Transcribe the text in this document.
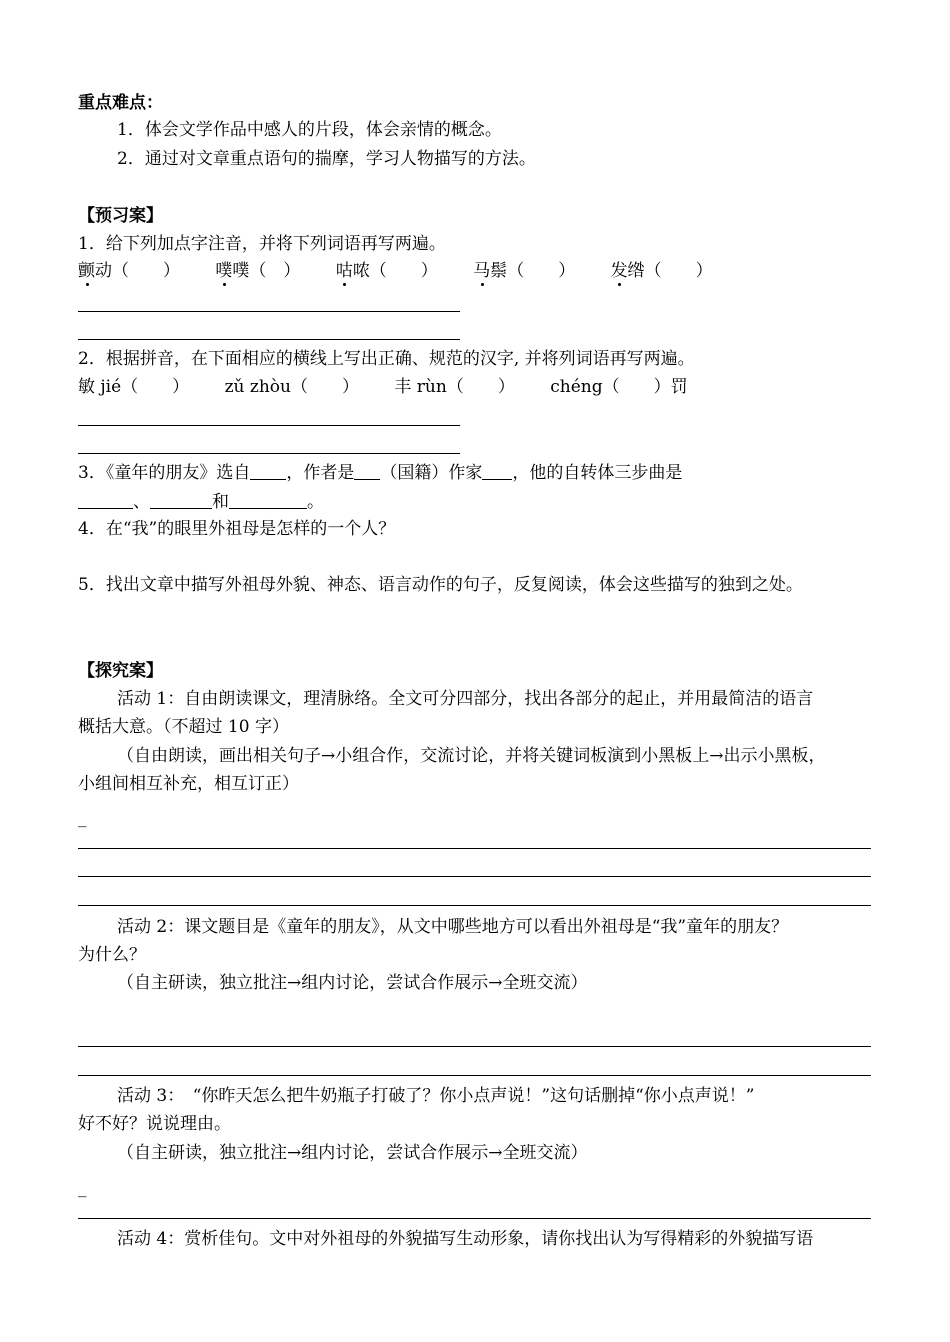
重点难点：
1．体会文学作品中感人的片段，体会亲情的概念。
2．通过对文章重点语句的揣摩，学习人物描写的方法。
【预习案】
1．给下列加点字注音，并将下列词语再写两遍。
颤动（　　） 噗噗（　） 咕哝（　　） 马鬃（　　） 发绺（　　）
2．根据拼音，在下面相应的横线上写出正确、规范的汉字, 并将列词语再写两遍。
敏 jié（　　） zǔ zhòu（　　） 丰 rùn（　　） chéng（　　）罚
3．《童年的朋友》选自 ，作者是 （国籍）作家 ，他的自转体三步曲是
、	和	。
4．在“我”的眼里外祖母是怎样的一个人？
5．找出文章中描写外祖母外貌、神态、语言动作的句子，反复阅读，体会这些描写的独到之处。
【探究案】
活动 1：自由朗读课文，理清脉络。全文可分四部分，找出各部分的起止，并用最简洁的语言
概括大意。（不超过 10 字）
（自由朗读，画出相关句子→小组合作，交流讨论，并将关键词板演到小黑板上→出示小黑板，
小组间相互补充，相互订正）
_
活动 2：课文题目是《童年的朋友》，从文中哪些地方可以看出外祖母是“我”童年的朋友？
为什么？
（自主研读，独立批注→组内讨论，尝试合作展示→全班交流）
活动 3：　“你昨天怎么把牛奶瓶子打破了？你小点声说！”这句话删掉“你小点声说！”
好不好？说说理由。
（自主研读，独立批注→组内讨论，尝试合作展示→全班交流）
_
活动 4：赏析佳句。文中对外祖母的外貌描写生动形象，请你找出认为写得精彩的外貌描写语
